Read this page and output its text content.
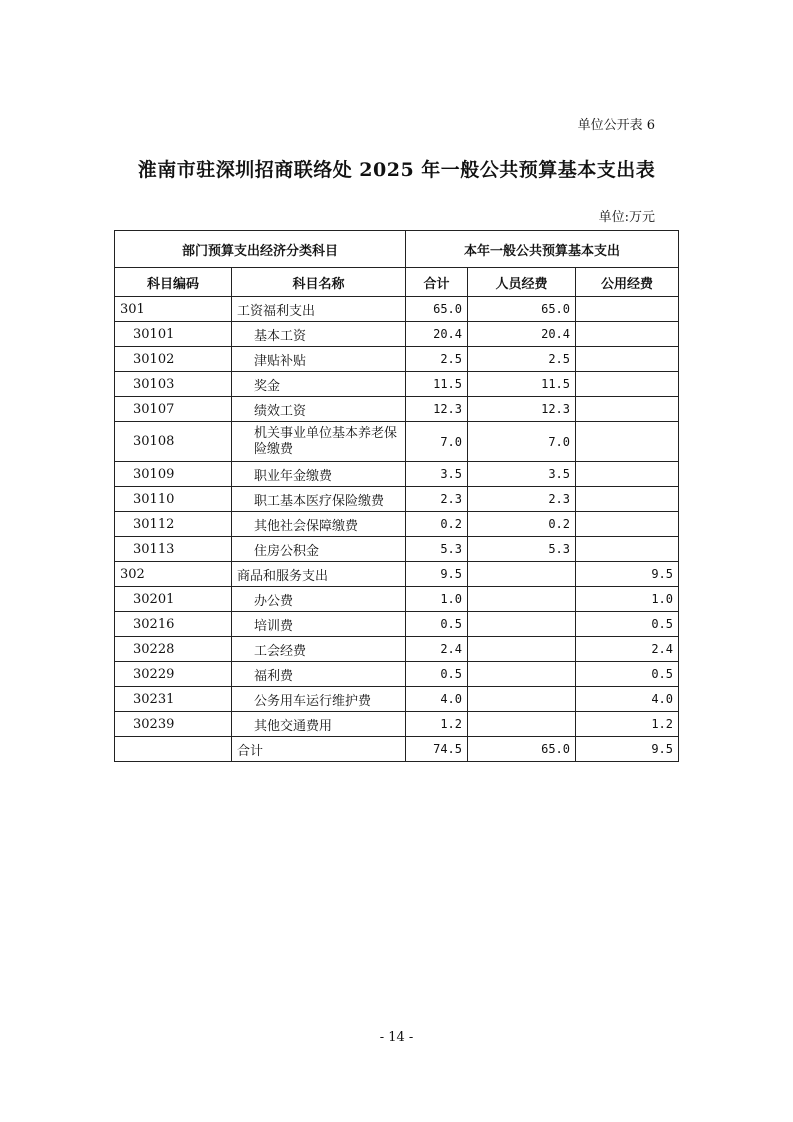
单位公开表 6
淮南市驻深圳招商联络处 2025 年一般公共预算基本支出表
单位:万元
部门预算支出经济分类科目		本年一般公共预算基本支出		
科目编码	科目名称	合计	人员经费	公用经费
301	工资福利支出	65.0	65.0	
30101	基本工资	20.4	20.4	
30102	津贴补贴	2.5	2.5	
30103	奖金	11.5	11.5	
30107	绩效工资	12.3	12.3	
30108	机关事业单位基本养老保险缴费	7.0	7.0	
30109	职业年金缴费	3.5	3.5	
30110	职工基本医疗保险缴费	2.3	2.3	
30112	其他社会保障缴费	0.2	0.2	
30113	住房公积金	5.3	5.3	
302	商品和服务支出	9.5		9.5
30201	办公费	1.0		1.0
30216	培训费	0.5		0.5
30228	工会经费	2.4		2.4
30229	福利费	0.5		0.5
30231	公务用车运行维护费	4.0		4.0
30239	其他交通费用	1.2		1.2
	合计	74.5	65.0	9.5
- 14 -
